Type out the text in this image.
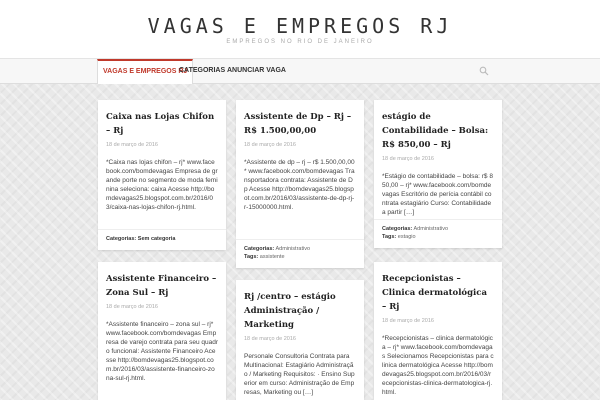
VAGAS E EMPREGOS RJ
EMPREGOS NO RIO DE JANEIRO
VAGAS E EMPREGOS RJ
CATEGORIAS ANUNCIAR VAGA
Caixa nas Lojas Chifon – Rj
18 de março de 2016
*Caixa nas lojas chifon – rj* www.facebook.com/bomdevagas Empresa de grande porte no segmento de moda feminina seleciona: caixa Acesse http://bomdevagas25.blogspot.com.br/2016/03/caixa-nas-lojas-chifon-rj.html.
Categorias: Sem categoria
Assistente de Dp – Rj – R$ 1.500,00,00
18 de março de 2016
*Assistente de dp – rj – r$ 1.500,00,00* www.facebook.com/bomdevagas Transportadora contrata: Assistente de Dp Acesse http://bomdevagas25.blogspot.com.br/2016/03/assistente-de-dp-rj-r-15000000.html.
Categorias: Administrativo
Tags: assistente
estágio de Contabilidade – Bolsa: R$ 850,00 – Rj
18 de março de 2016
*Estágio de contabilidade – bolsa: r$ 850,00 – rj* www.facebook.com/bomdevagas Escritório de perícia contábil contrata estagiário Curso: Contabilidade a partir […]
Categorias: Administrativo
Tags: estagio
Assistente Financeiro – Zona Sul – Rj
18 de março de 2016
*Assistente financeiro – zona sul – rj* www.facebook.com/bomdevagas Empresa de varejo contrata para seu quadro funcional: Assistente Financeiro Acesse http://bomdevagas25.blogspot.com.br/2016/03/assistente-financeiro-zona-sul-rj.html.
Rj /centro – estágio Administração / Marketing
18 de março de 2016
Personale Consultoria Contrata para Multinacional: Estagiário Administração / Marketing Requisitos: · Ensino Superior em curso: Administração de Empresas, Marketing ou […]
Recepcionistas – Clinica dermatológica – Rj
18 de março de 2016
*Recepcionistas – clinica dermatológica – rj* www.facebook.com/bomdevagas Selecionamos Recepcionistas para clinica dermatológica Acesse http://bomdevagas25.blogspot.com.br/2016/03/recepcionistas-clinica-dermatologica-rj.html.
